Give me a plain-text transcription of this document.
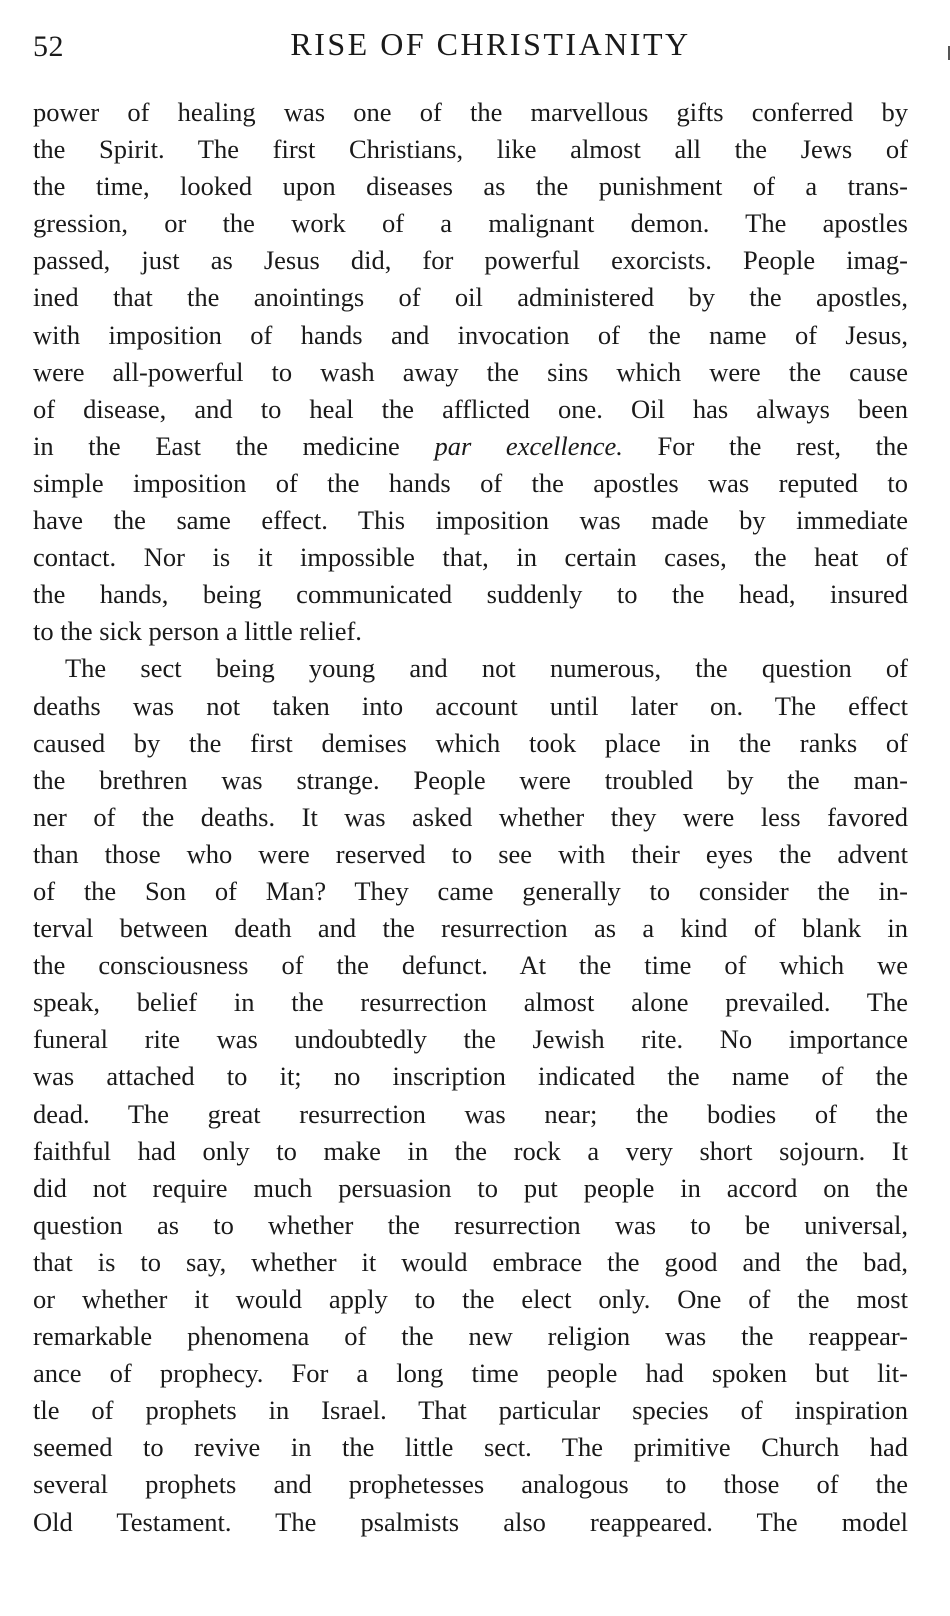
52	RISE OF CHRISTIANITY
power of healing was one of the marvellous gifts conferred by
the Spirit. The first Christians, like almost all the Jews of
the time, looked upon diseases as the punishment of a trans-
gression, or the work of a malignant demon. The apostles
passed, just as Jesus did, for powerful exorcists. People imag-
ined that the anointings of oil administered by the apostles,
with imposition of hands and invocation of the name of Jesus,
were all-powerful to wash away the sins which were the cause
of disease, and to heal the afflicted one. Oil has always been
in the East the medicine par excellence. For the rest, the
simple imposition of the hands of the apostles was reputed to
have the same effect. This imposition was made by immediate
contact. Nor is it impossible that, in certain cases, the heat of
the hands, being communicated suddenly to the head, insured
to the sick person a little relief.
The sect being young and not numerous, the question of
deaths was not taken into account until later on. The effect
caused by the first demises which took place in the ranks of
the brethren was strange. People were troubled by the man-
ner of the deaths. It was asked whether they were less favored
than those who were reserved to see with their eyes the advent
of the Son of Man? They came generally to consider the in-
terval between death and the resurrection as a kind of blank in
the consciousness of the defunct. At the time of which we
speak, belief in the resurrection almost alone prevailed. The
funeral rite was undoubtedly the Jewish rite. No importance
was attached to it; no inscription indicated the name of the
dead. The great resurrection was near; the bodies of the
faithful had only to make in the rock a very short sojourn. It
did not require much persuasion to put people in accord on the
question as to whether the resurrection was to be universal,
that is to say, whether it would embrace the good and the bad,
or whether it would apply to the elect only. One of the most
remarkable phenomena of the new religion was the reappear-
ance of prophecy. For a long time people had spoken but lit-
tle of prophets in Israel. That particular species of inspiration
seemed to revive in the little sect. The primitive Church had
several prophets and prophetesses analogous to those of the
Old Testament. The psalmists also reappeared. The model
